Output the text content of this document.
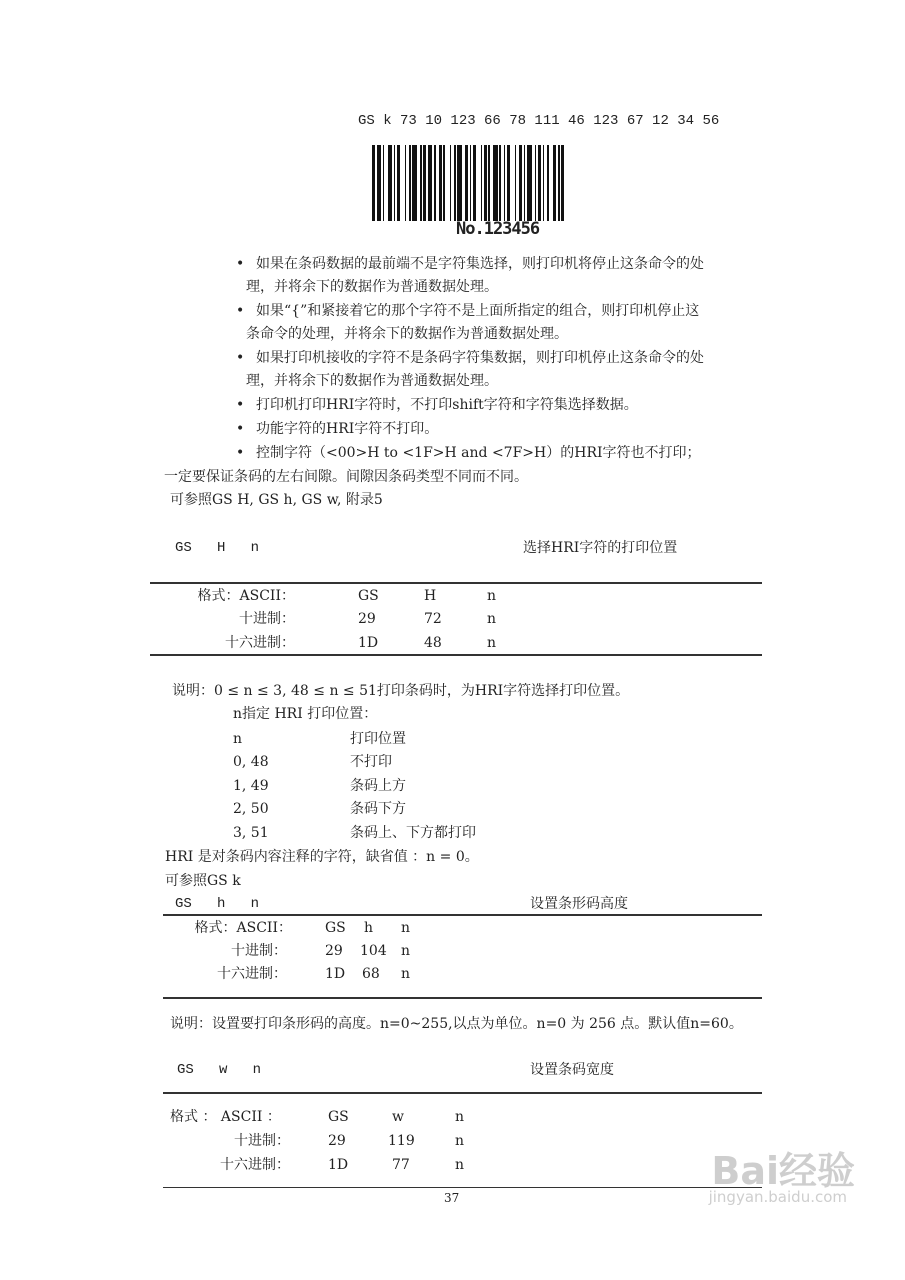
GS k 73 10 123 66 78 111 46 123 67 12 34 56
No.123456
• 如果在条码数据的最前端不是字符集选择，则打印机将停止这条命令的处
理，并将余下的数据作为普通数据处理。
• 如果“{”和紧接着它的那个字符不是上面所指定的组合，则打印机停止这
条命令的处理，并将余下的数据作为普通数据处理。
• 如果打印机接收的字符不是条码字符集数据，则打印机停止这条命令的处
理，并将余下的数据作为普通数据处理。
• 打印机打印HRI字符时，不打印shift字符和字符集选择数据。
• 功能字符的HRI字符不打印。
• 控制字符（<00>H to <1F>H and <7F>H）的HRI字符也不打印；
一定要保证条码的左右间隙。间隙因条码类型不同而不同。
可参照GS H, GS h, GS w, 附录5
GS   H   n	选择HRI字符的打印位置
格式：ASCII：	GS	H	n
十进制：	29	72	n
十六进制：	1D	48	n
说明：0 ≤ n ≤ 3, 48 ≤ n ≤ 51打印条码时，为HRI字符选择打印位置。
n指定 HRI 打印位置：
n	打印位置
0, 48	不打印
1, 49	条码上方
2, 50	条码下方
3, 51	条码上、下方都打印
HRI 是对条码内容注释的字符，缺省值 ：n = 0。
可参照GS k
GS   h   n	设置条形码高度
格式：ASCII： GS h n
十进制：	29 104 n
十六进制：	1D 68 n
说明：设置要打印条形码的高度。n=0~255,以点为单位。n=0 为 256 点。默认值n=60。
GS   w   n	设置条码宽度
格式 ： ASCII ：	GS	w	n
十进制：	29	119	n
十六进制：	1D	77	n
37
Bai经验
jingyan.baidu.com
